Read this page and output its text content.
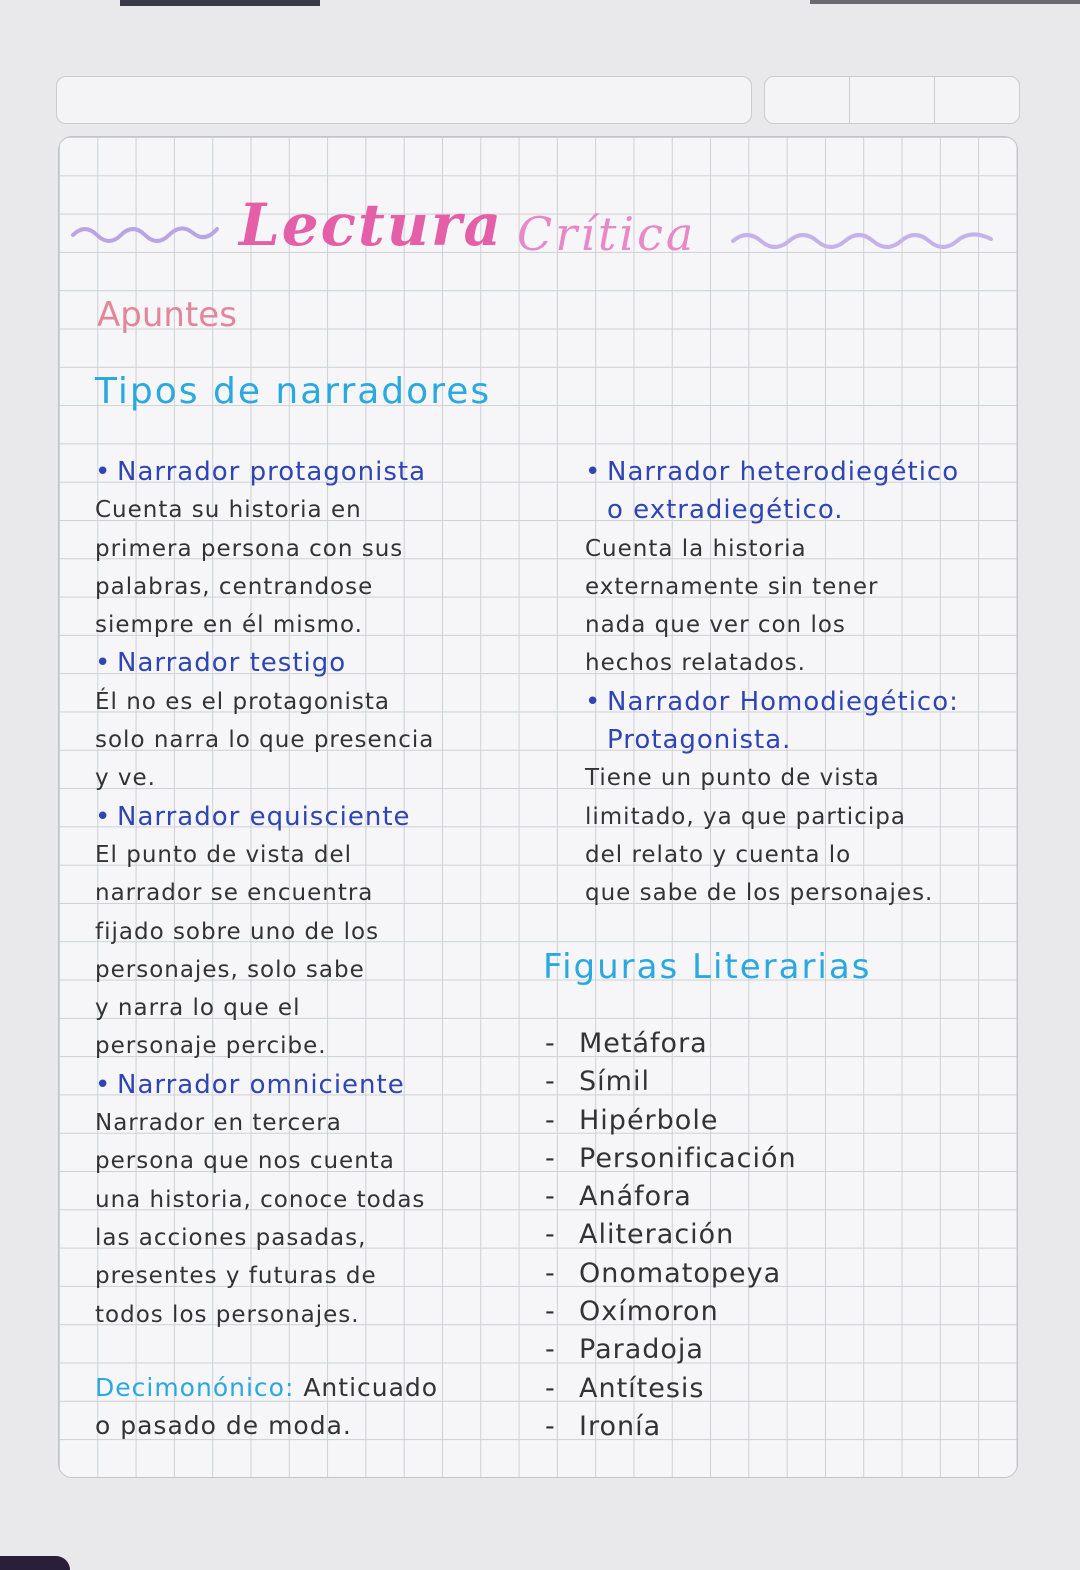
Lectura Crítica
Apuntes
Tipos de narradores
• Narrador protagonista
Cuenta su historia en
primera persona con sus
palabras, centrandose
siempre en él mismo.
• Narrador testigo
Él no es el protagonista
solo narra lo que presencia
y ve.
• Narrador equisciente
El punto de vista del
narrador se encuentra
fijado sobre uno de los
personajes, solo sabe
y narra lo que el
personaje percibe.
• Narrador omniciente
Narrador en tercera
persona que nos cuenta
una historia, conoce todas
las acciones pasadas,
presentes y futuras de
todos los personajes.
Decimonónico: Anticuado
o pasado de moda.
• Narrador heterodiegético
o extradiegético.
Cuenta la historia
externamente sin tener
nada que ver con los
hechos relatados.
• Narrador Homodiegético:
Protagonista.
Tiene un punto de vista
limitado, ya que participa
del relato y cuenta lo
que sabe de los personajes.
Figuras Literarias
- Metáfora
- Símil
- Hipérbole
- Personificación
- Anáfora
- Aliteración
- Onomatopeya
- Oxímoron
- Paradoja
- Antítesis
- Ironía
